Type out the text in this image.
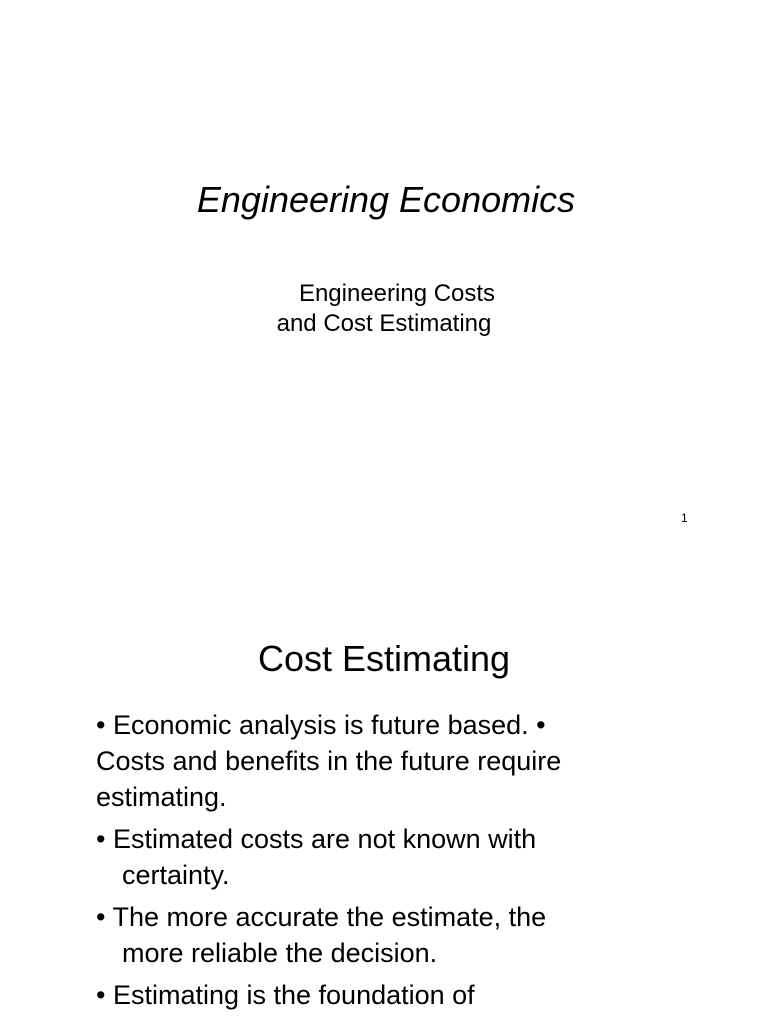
Engineering Economics
Engineering Costs
and Cost Estimating
1
Cost Estimating
• Economic analysis is future based. •
Costs and benefits in the future require
estimating.
• Estimated costs are not known with
certainty.
• The more accurate the estimate, the
more reliable the decision.
• Estimating is the foundation of
